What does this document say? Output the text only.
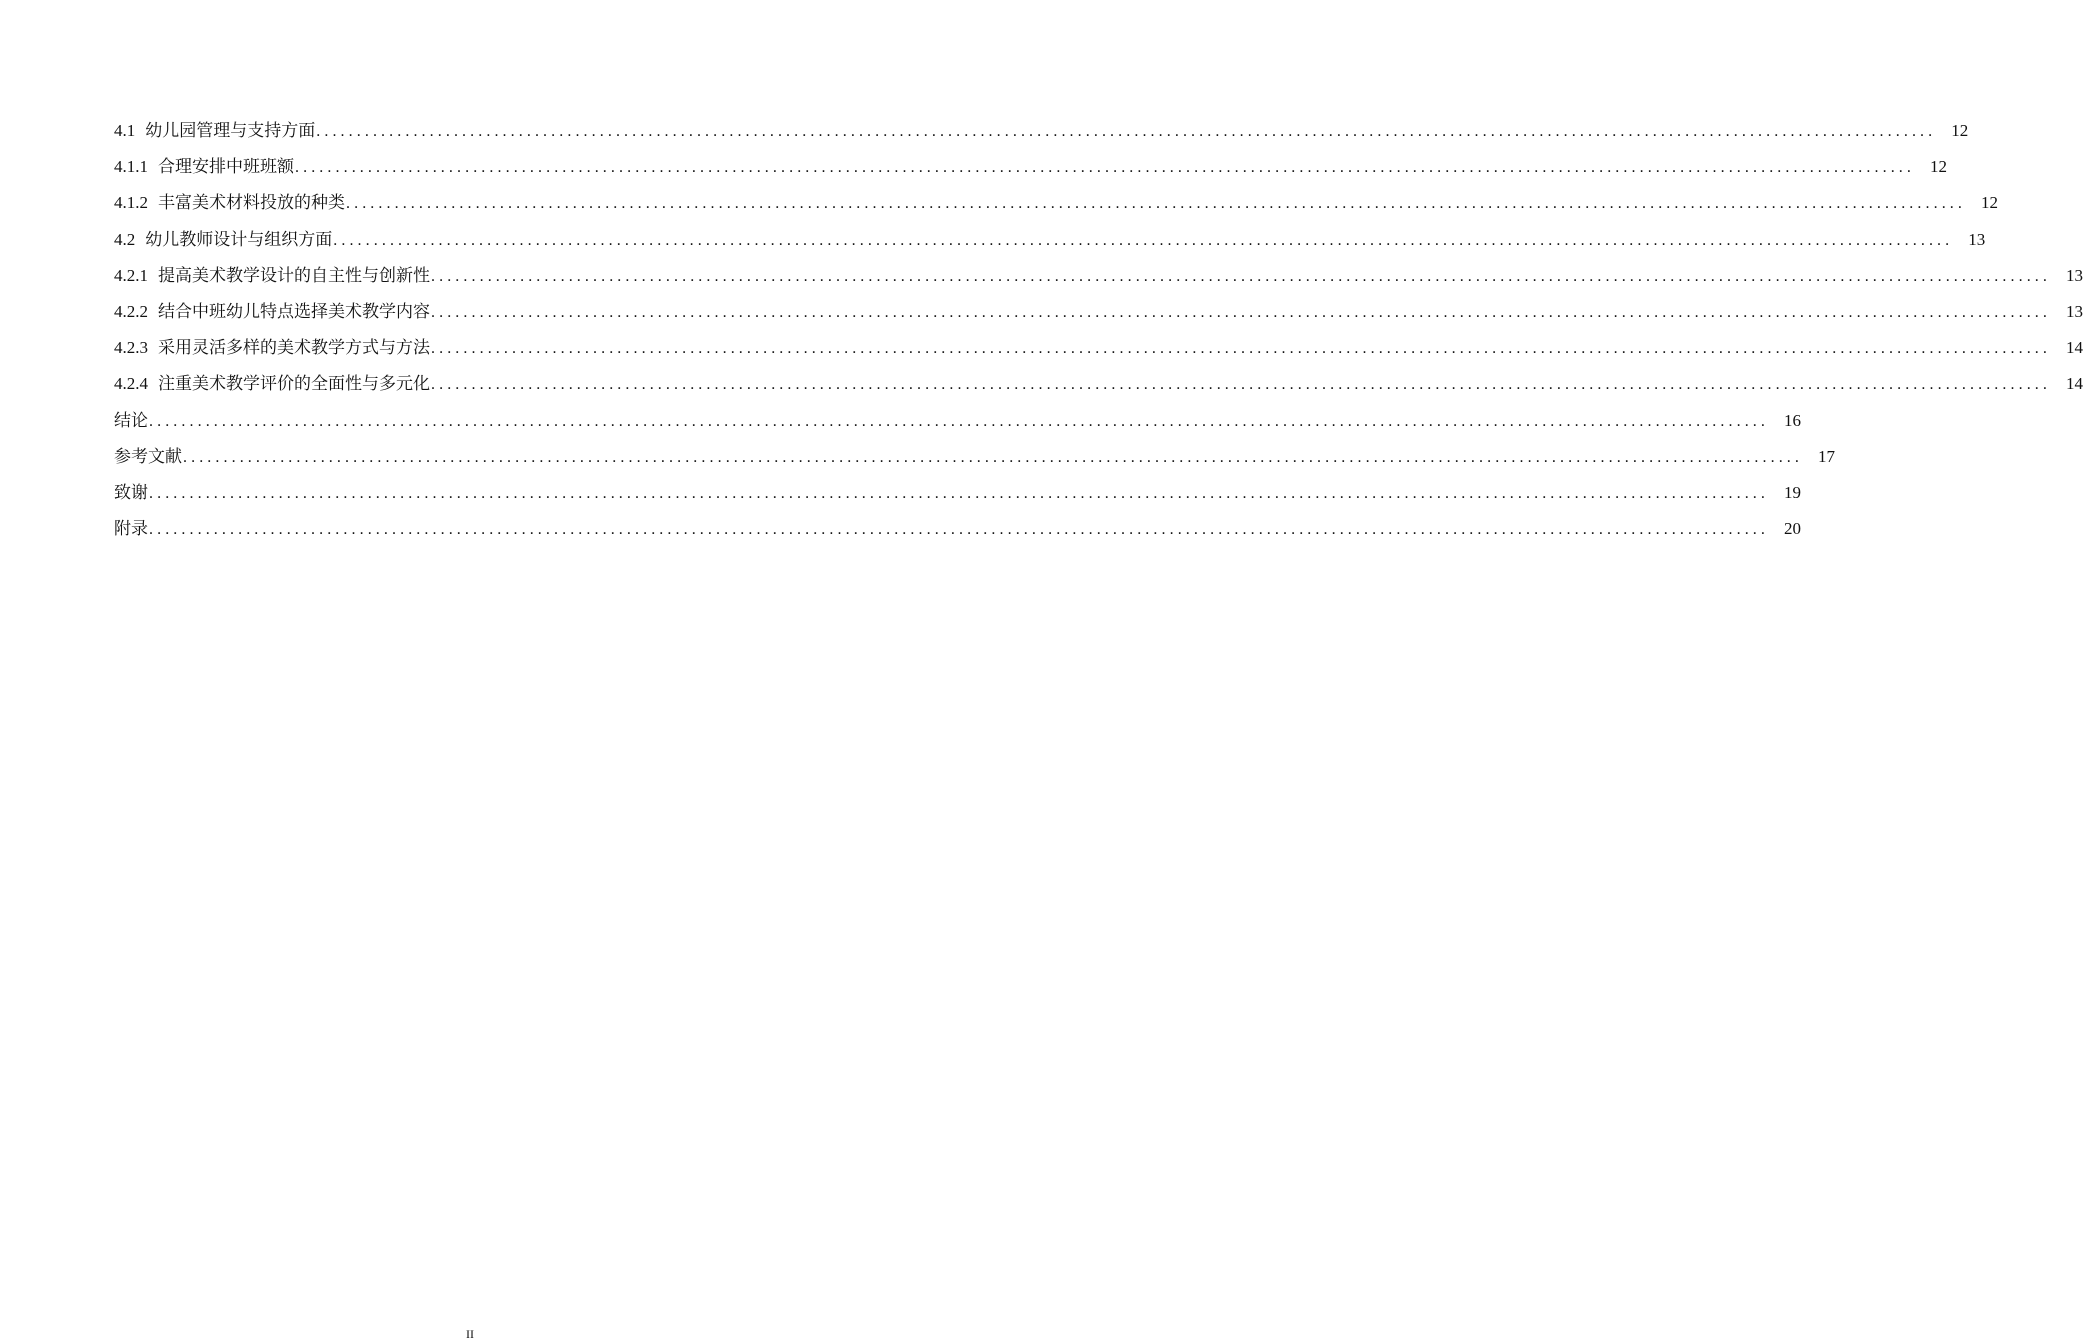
4.1 幼儿园管理与支持方面 ........................................................................................................................................................................................................ 12
4.1.1 合理安排中班班额 ........................................................................................................................................................................................................ 12
4.1.2 丰富美术材料投放的种类 ........................................................................................................................................................................................................ 12
4.2 幼儿教师设计与组织方面 ........................................................................................................................................................................................................ 13
4.2.1 提高美术教学设计的自主性与创新性 ........................................................................................................................................................................................................ 13
4.2.2 结合中班幼儿特点选择美术教学内容 ........................................................................................................................................................................................................ 13
4.2.3 采用灵活多样的美术教学方式与方法 ........................................................................................................................................................................................................ 14
4.2.4 注重美术教学评价的全面性与多元化 ........................................................................................................................................................................................................ 14
结论 ........................................................................................................................................................................................................ 16
参考文献 ........................................................................................................................................................................................................ 17
致谢 ........................................................................................................................................................................................................ 19
附录 ........................................................................................................................................................................................................ 20
II
